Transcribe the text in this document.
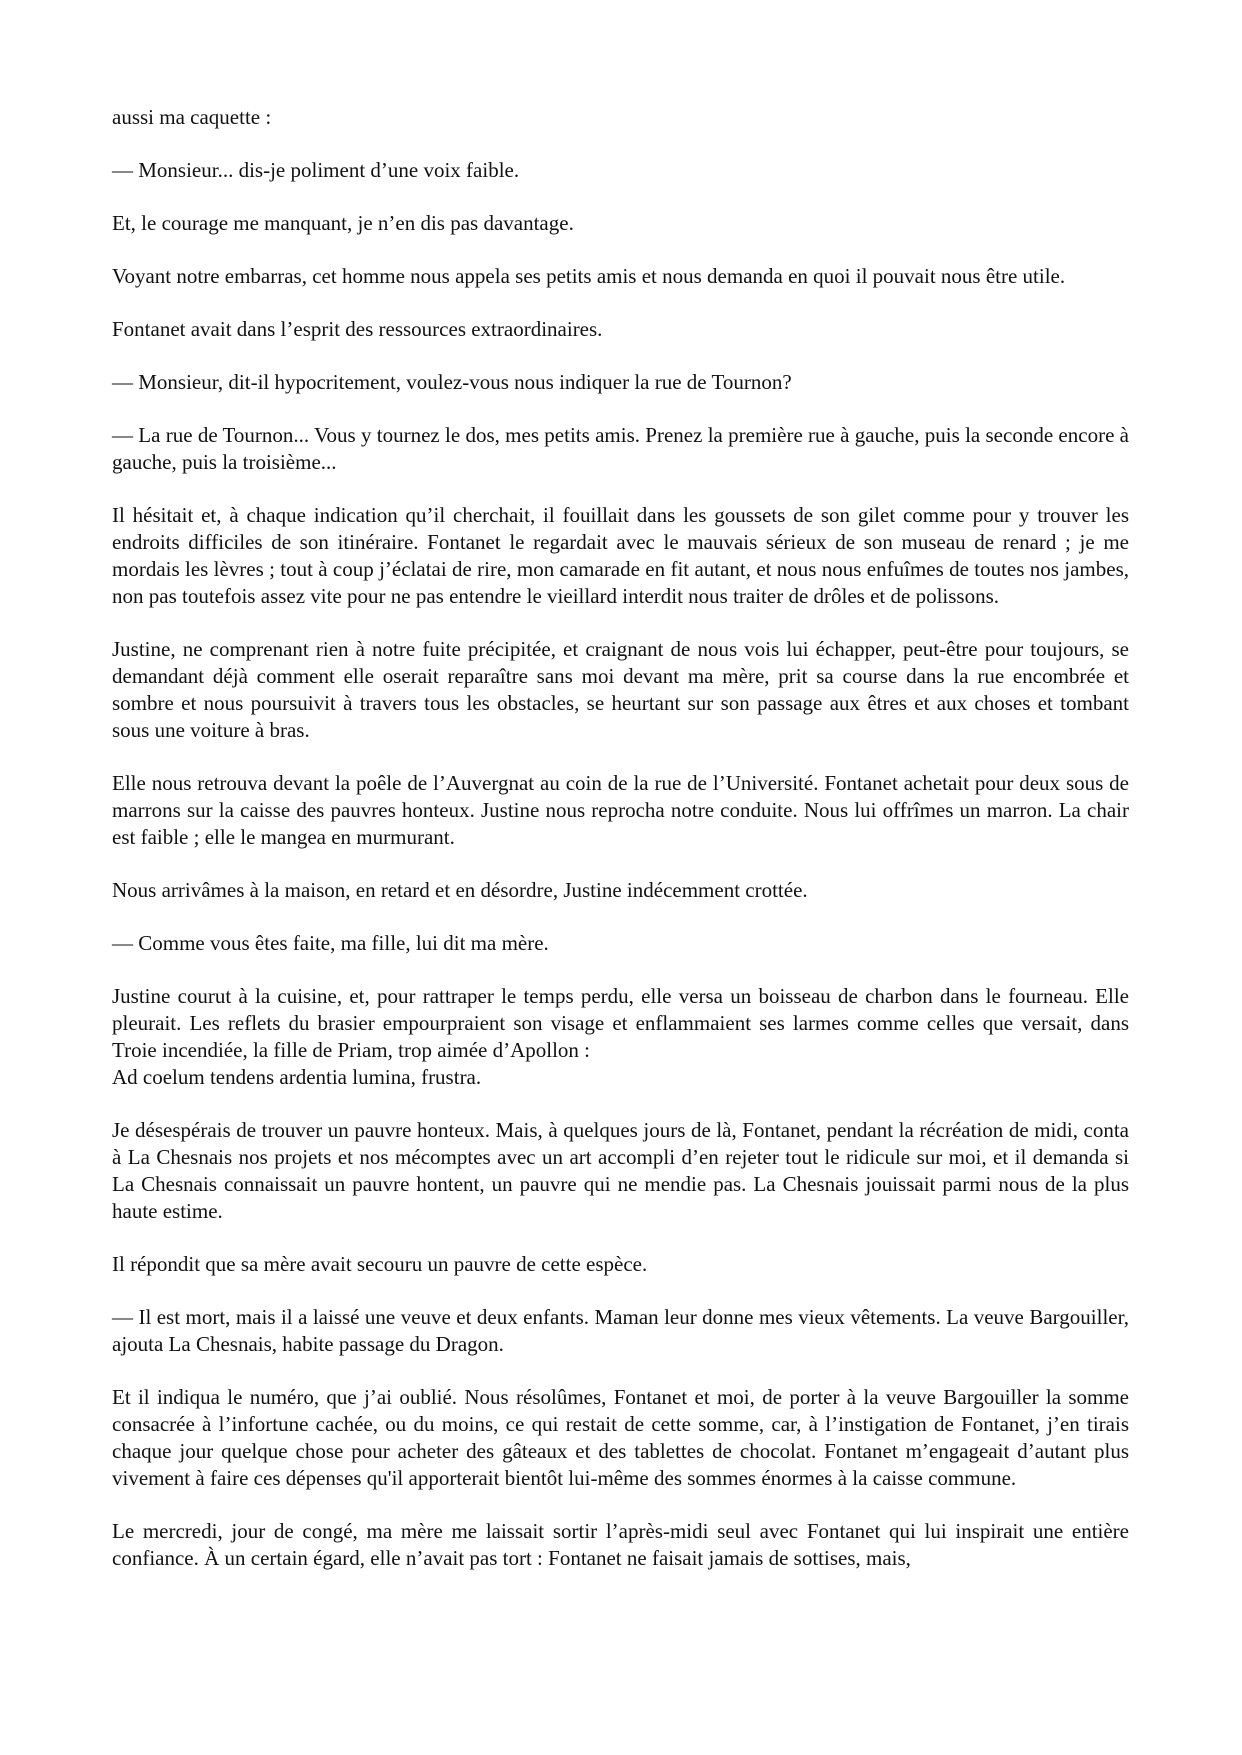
aussi ma caquette :

— Monsieur... dis-je poliment d’une voix faible.

Et, le courage me manquant, je n’en dis pas davantage.

Voyant notre embarras, cet homme nous appela ses petits amis et nous demanda en quoi il pouvait nous être utile.

Fontanet avait dans l’esprit des ressources extraordinaires.

— Monsieur, dit-il hypocritement, voulez-vous nous indiquer la rue de Tournon?

— La rue de Tournon... Vous y tournez le dos, mes petits amis. Prenez la première rue à gauche, puis la seconde encore à gauche, puis la troisième...

Il hésitait et, à chaque indication qu’il cherchait, il fouillait dans les goussets de son gilet comme pour y trouver les endroits difficiles de son itinéraire. Fontanet le regardait avec le mauvais sérieux de son museau de renard ; je me mordais les lèvres ; tout à coup j’éclatai de rire, mon camarade en fit autant, et nous nous enfuîmes de toutes nos jambes, non pas toutefois assez vite pour ne pas entendre le vieillard interdit nous traiter de drôles et de polissons.

Justine, ne comprenant rien à notre fuite précipitée, et craignant de nous vois lui échapper, peut-être pour toujours, se demandant déjà comment elle oserait reparaître sans moi devant ma mère, prit sa course dans la rue encombrée et sombre et nous poursuivit à travers tous les obstacles, se heurtant sur son passage aux êtres et aux choses et tombant sous une voiture à bras.

Elle nous retrouva devant la poêle de l’Auvergnat au coin de la rue de l’Université. Fontanet achetait pour deux sous de marrons sur la caisse des pauvres honteux. Justine nous reprocha notre conduite. Nous lui offrîmes un marron. La chair est faible ; elle le mangea en murmurant.

Nous arrivâmes à la maison, en retard et en désordre, Justine indécemment crottée.

— Comme vous êtes faite, ma fille, lui dit ma mère.

Justine courut à la cuisine, et, pour rattraper le temps perdu, elle versa un boisseau de charbon dans le fourneau. Elle pleurait. Les reflets du brasier empourpraient son visage et enflammaient ses larmes comme celles que versait, dans Troie incendiée, la fille de Priam, trop aimée d’Apollon :
Ad coelum tendens ardentia lumina, frustra.

Je désespérais de trouver un pauvre honteux. Mais, à quelques jours de là, Fontanet, pendant la récréation de midi, conta à La Chesnais nos projets et nos mécomptes avec un art accompli d’en rejeter tout le ridicule sur moi, et il demanda si La Chesnais connaissait un pauvre hontent, un pauvre qui ne mendie pas. La Chesnais jouissait parmi nous de la plus haute estime.

Il répondit que sa mère avait secouru un pauvre de cette espèce.

— Il est mort, mais il a laissé une veuve et deux enfants. Maman leur donne mes vieux vêtements. La veuve Bargouiller, ajouta La Chesnais, habite passage du Dragon.

Et il indiqua le numéro, que j’ai oublié. Nous résolûmes, Fontanet et moi, de porter à la veuve Bargouiller la somme consacrée à l’infortune cachée, ou du moins, ce qui restait de cette somme, car, à l’instigation de Fontanet, j’en tirais chaque jour quelque chose pour acheter des gâteaux et des tablettes de chocolat. Fontanet m’engageait d’autant plus vivement à faire ces dépenses qu'il apporterait bientôt lui-même des sommes énormes à la caisse commune.

Le mercredi, jour de congé, ma mère me laissait sortir l’après-midi seul avec Fontanet qui lui inspirait une entière confiance. À un certain égard, elle n’avait pas tort : Fontanet ne faisait jamais de sottises, mais,
